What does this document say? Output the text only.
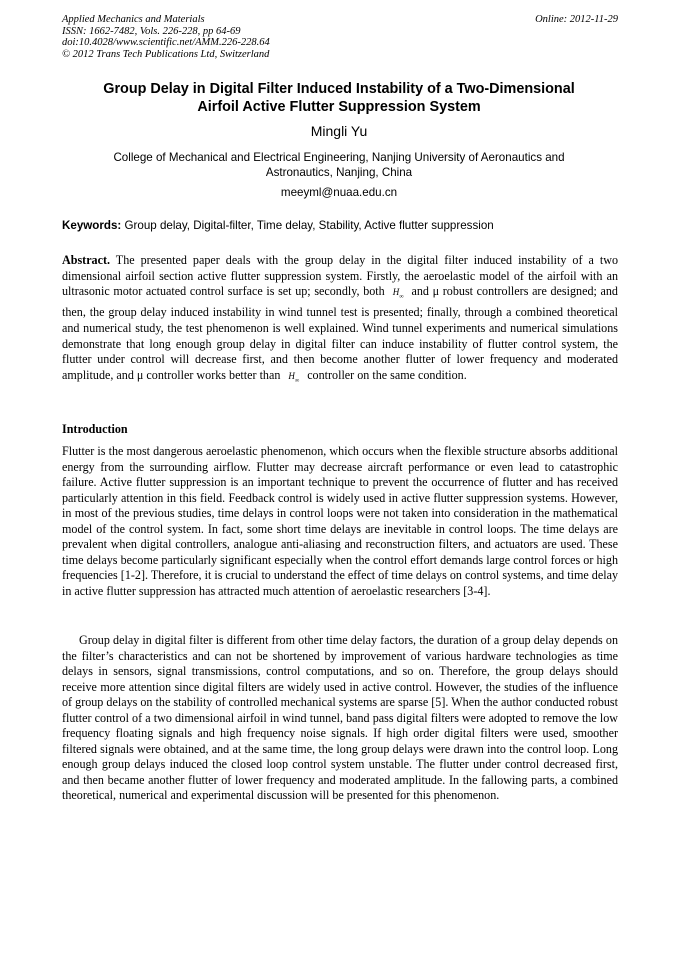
Applied Mechanics and Materials
ISSN: 1662-7482, Vols. 226-228, pp 64-69
doi:10.4028/www.scientific.net/AMM.226-228.64
© 2012 Trans Tech Publications Ltd, Switzerland
Online: 2012-11-29
Group Delay in Digital Filter Induced Instability of a Two-Dimensional
Airfoil Active Flutter Suppression System
Mingli Yu
College of Mechanical and Electrical Engineering, Nanjing University of Aeronautics and
Astronautics, Nanjing, China
meeyml@nuaa.edu.cn
Keywords: Group delay, Digital-filter, Time delay, Stability, Active flutter suppression
Abstract. The presented paper deals with the group delay in the digital filter induced instability of a two dimensional airfoil section active flutter suppression system. Firstly, the aeroelastic model of the airfoil with an ultrasonic motor actuated control surface is set up; secondly, both $H_\infty$ and μ robust controllers are designed; and then, the group delay induced instability in wind tunnel test is presented; finally, through a combined theoretical and numerical study, the test phenomenon is well explained. Wind tunnel experiments and numerical simulations demonstrate that long enough group delay in digital filter can induce instability of flutter control system, the flutter under control will decrease first, and then become another flutter of lower frequency and moderated amplitude, and μ controller works better than $H_\infty$ controller on the same condition.
Introduction
Flutter is the most dangerous aeroelastic phenomenon, which occurs when the flexible structure absorbs additional energy from the surrounding airflow. Flutter may decrease aircraft performance or even lead to catastrophic failure. Active flutter suppression is an important technique to prevent the occurrence of flutter and has received particularly attention in this field. Feedback control is widely used in active flutter suppression systems. However, in most of the previous studies, time delays in control loops were not taken into consideration in the mathematical model of the control system. In fact, some short time delays are inevitable in control loops. The time delays are prevalent when digital controllers, analogue anti-aliasing and reconstruction filters, and actuators are used. These time delays become particularly significant especially when the control effort demands large control forces or high frequencies [1-2]. Therefore, it is crucial to understand the effect of time delays on control systems, and time delay in active flutter suppression has attracted much attention of aeroelastic researchers [3-4].
Group delay in digital filter is different from other time delay factors, the duration of a group delay depends on the filter’s characteristics and can not be shortened by improvement of various hardware technologies as time delays in sensors, signal transmissions, control computations, and so on. Therefore, the group delays should receive more attention since digital filters are widely used in active control. However, the studies of the influence of group delays on the stability of controlled mechanical systems are sparse [5]. When the author conducted robust flutter control of a two dimensional airfoil in wind tunnel, band pass digital filters were adopted to remove the low frequency floating signals and high frequency noise signals. If high order digital filters were used, smoother filtered signals were obtained, and at the same time, the long group delays were drawn into the control loop. Long enough group delays induced the closed loop control system unstable. The flutter under control decreased first, and then became another flutter of lower frequency and moderated amplitude. In the fallowing parts, a combined theoretical, numerical and experimental discussion will be presented for this phenomenon.
